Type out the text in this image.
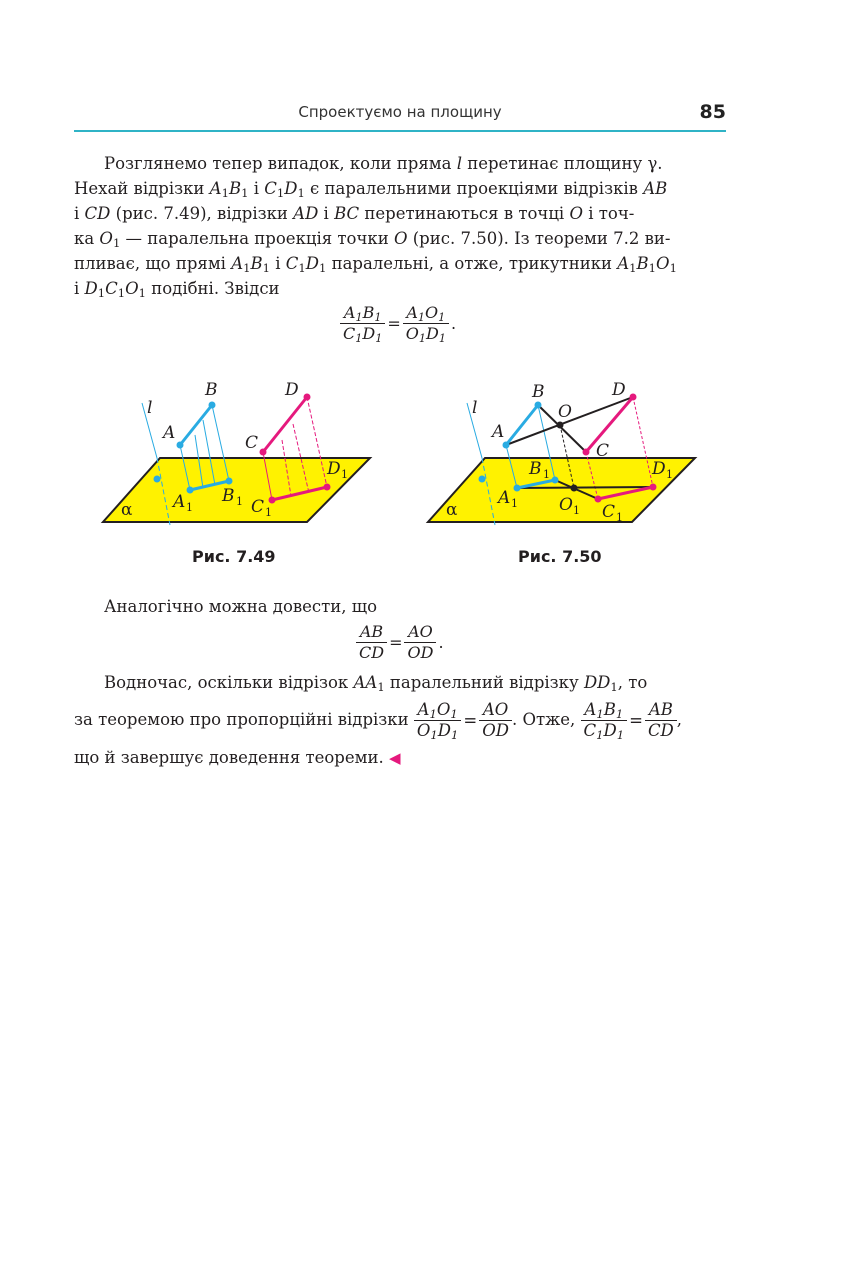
Спроектуємо на площину	85
Розглянемо тепер випадок, коли пряма l перетинає площину γ.
Нехай відрізки $A_1B_1$ і $C_1D_1$ є паралельними проекціями відрізків AB
і CD (рис. 7.49), відрізки AD і BC перетинаються в точці O і точ-
ка $O_1$ — паралельна проекція точки O (рис. 7.50). Із теореми 7.2 ви-
пливає, що прямі $A_1B_1$ і $C_1D_1$ паралельні, а отже, трикутники $A_1B_1O_1$
і $D_1C_1O_1$ подібні. Звідси
$\frac{A_1B_1}{C_1D_1} = \frac{A_1O_1}{O_1D_1}$ .
l
B	D
A	C
D 1
A 1
B 1 C 1
α
Рис. 7.49
l
B	D
O
A
C
B 1	D 1
A 1 O 1 C 1
α
Рис. 7.50
Аналогічно можна довести, що
$\frac{AB}{CD} = \frac{AO}{OD}$ .
Водночас, оскільки відрізок $AA_1$ паралельний відрізку $DD_1$, то
за теоремою про пропорційні відрізки $\frac{A_1O_1}{O_1D_1} = \frac{AO}{OD}$ . Отже, $\frac{A_1B_1}{C_1D_1} = \frac{AB}{CD}$ ,
що й завершує доведення теореми. ◀
